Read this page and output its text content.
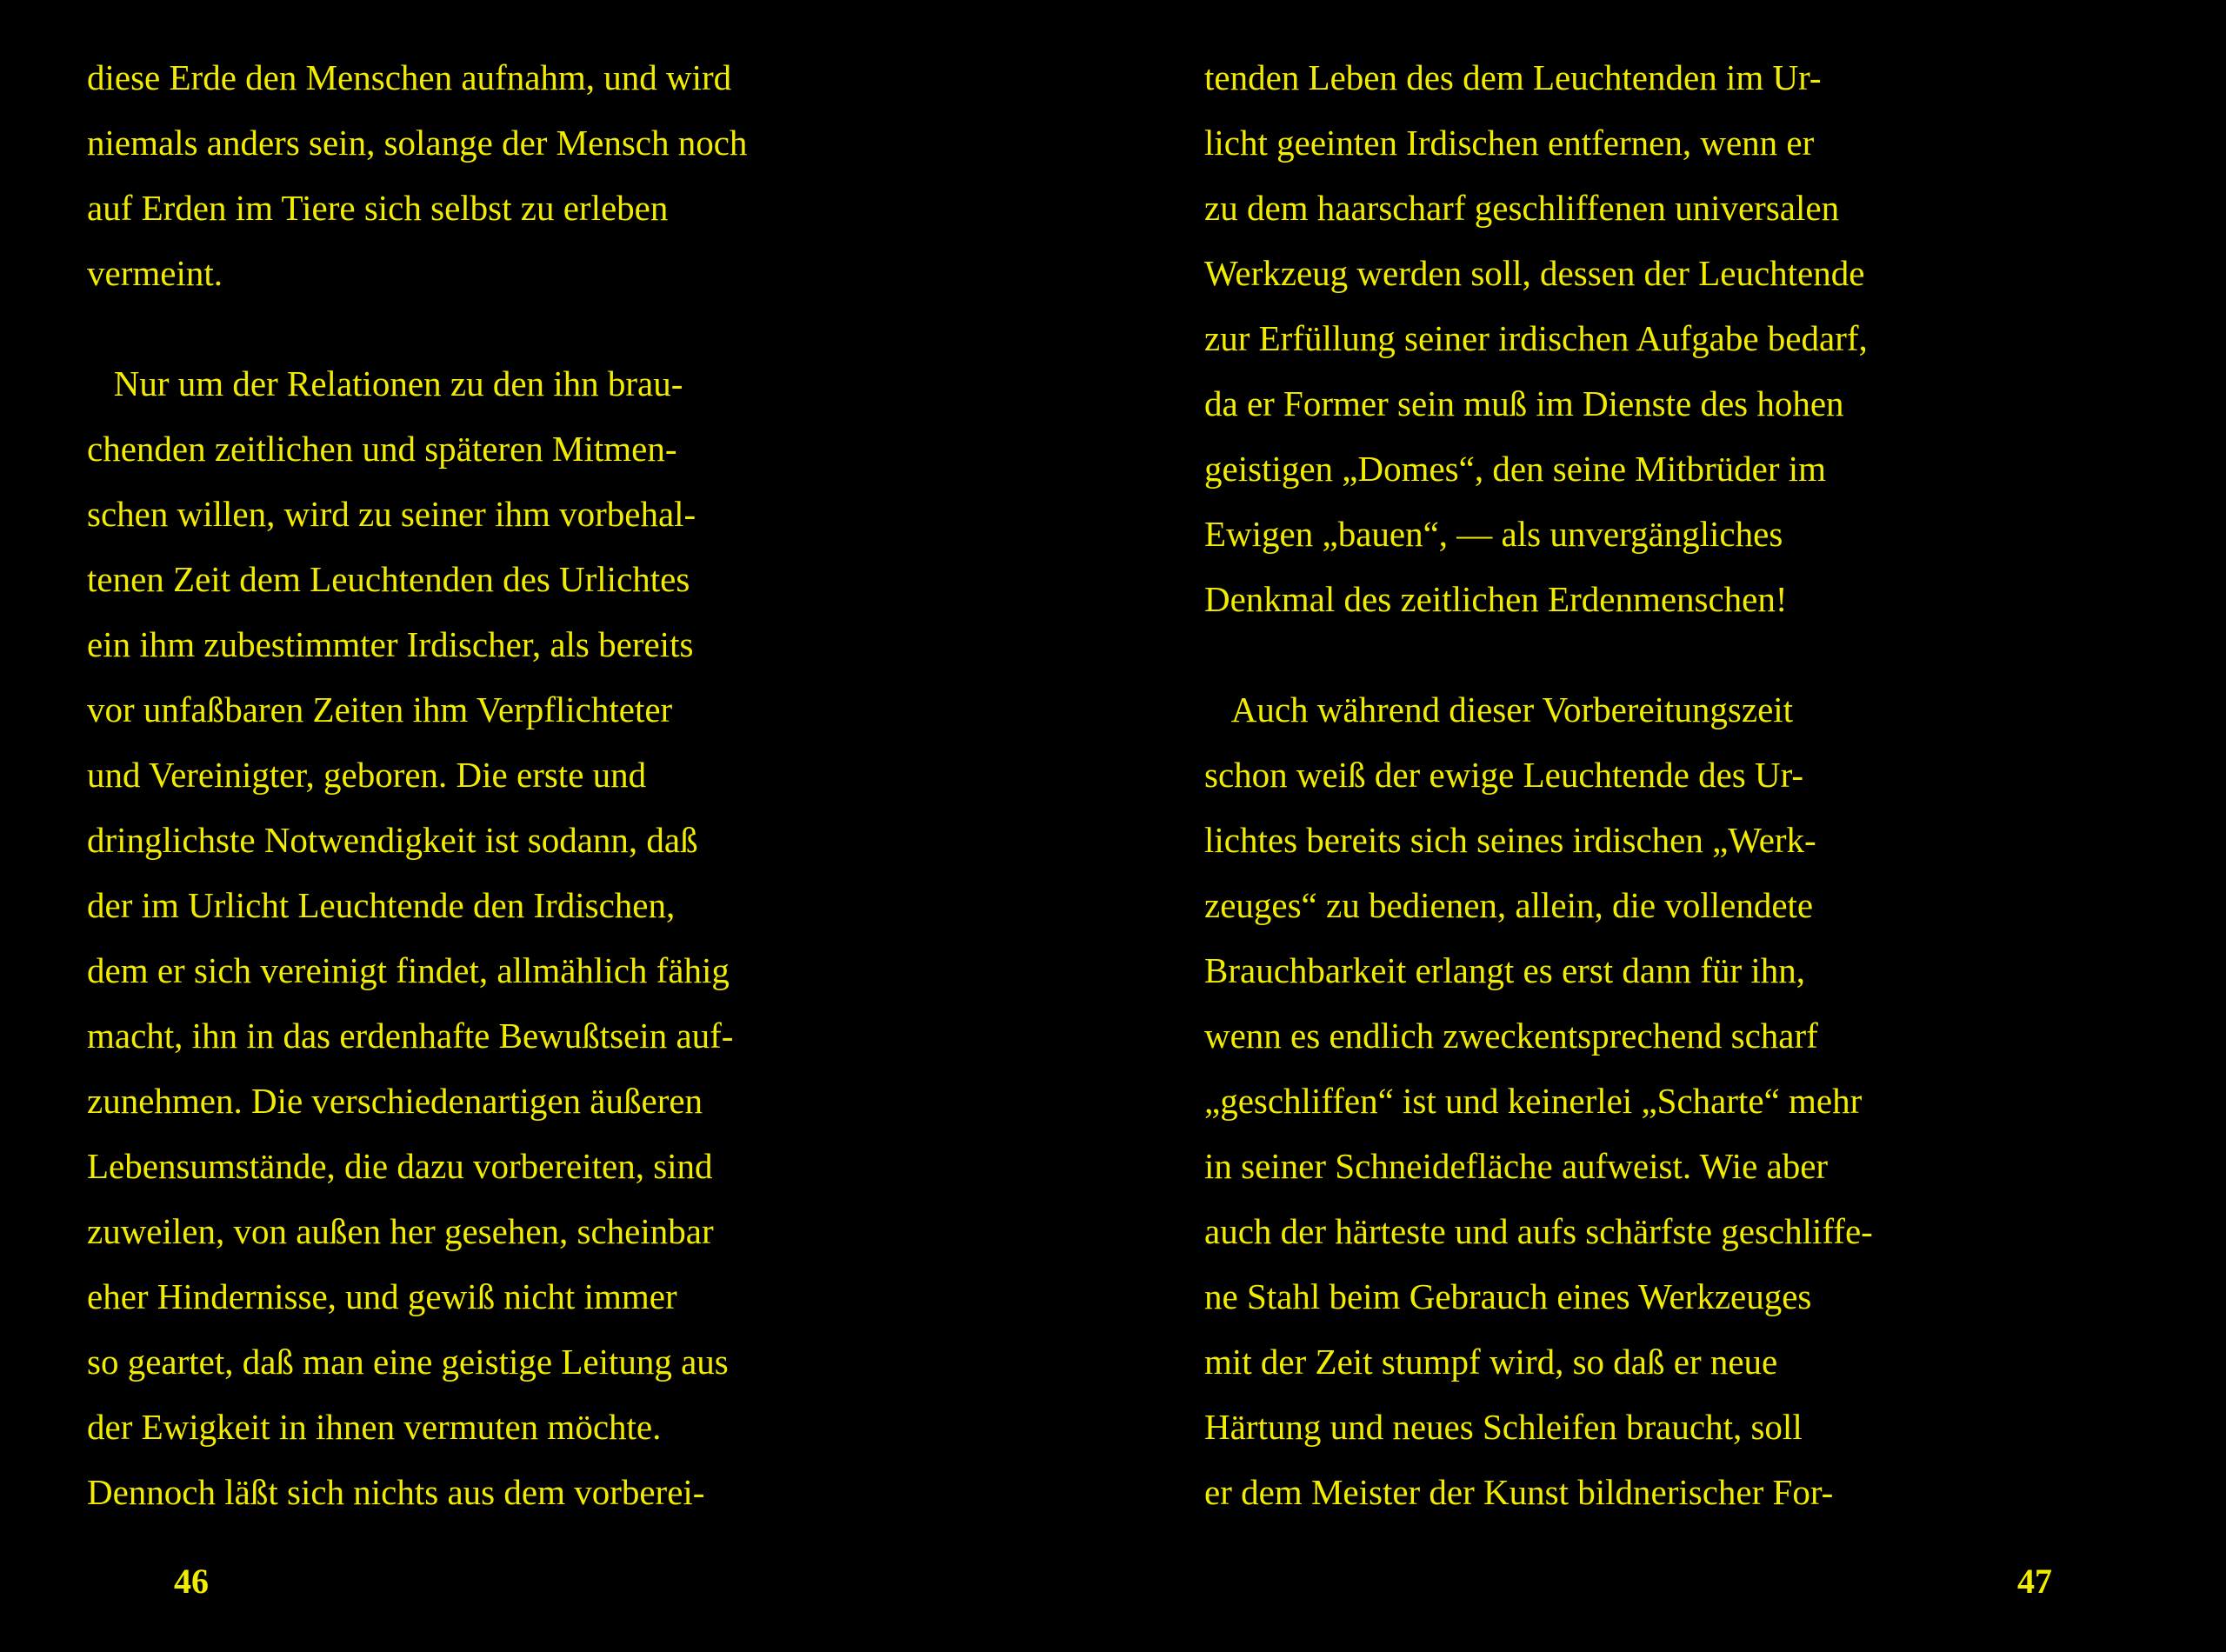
diese Erde den Menschen aufnahm, und wird
niemals anders sein, solange der Mensch noch
auf Erden im Tiere sich selbst zu erleben
vermeint.
Nur um der Relationen zu den ihn brau-
chenden zeitlichen und späteren Mitmen-
schen willen, wird zu seiner ihm vorbehal-
tenen Zeit dem Leuchtenden des Urlichtes
ein ihm zubestimmter Irdischer, als bereits
vor unfaßbaren Zeiten ihm Verpflichteter
und Vereinigter, geboren. Die erste und
dringlichste Notwendigkeit ist sodann, daß
der im Urlicht Leuchtende den Irdischen,
dem er sich vereinigt findet, allmählich fähig
macht, ihn in das erdenhafte Bewußtsein auf-
zunehmen. Die verschiedenartigen äußeren
Lebensumstände, die dazu vorbereiten, sind
zuweilen, von außen her gesehen, scheinbar
eher Hindernisse, und gewiß nicht immer
so geartet, daß man eine geistige Leitung aus
der Ewigkeit in ihnen vermuten möchte.
Dennoch läßt sich nichts aus dem vorberei-
46
tenden Leben des dem Leuchtenden im Ur-
licht geeinten Irdischen entfernen, wenn er
zu dem haarscharf geschliffenen universalen
Werkzeug werden soll, dessen der Leuchtende
zur Erfüllung seiner irdischen Aufgabe bedarf,
da er Former sein muß im Dienste des hohen
geistigen „Domes“, den seine Mitbrüder im
Ewigen „bauen“, — als unvergängliches
Denkmal des zeitlichen Erdenmenschen!
Auch während dieser Vorbereitungszeit
schon weiß der ewige Leuchtende des Ur-
lichtes bereits sich seines irdischen „Werk-
zeuges“ zu bedienen, allein, die vollendete
Brauchbarkeit erlangt es erst dann für ihn,
wenn es endlich zweckentsprechend scharf
„geschliffen“ ist und keinerlei „Scharte“ mehr
in seiner Schneidefläche aufweist. Wie aber
auch der härteste und aufs schärfste geschliffe-
ne Stahl beim Gebrauch eines Werkzeuges
mit der Zeit stumpf wird, so daß er neue
Härtung und neues Schleifen braucht, soll
er dem Meister der Kunst bildnerischer For-
47
